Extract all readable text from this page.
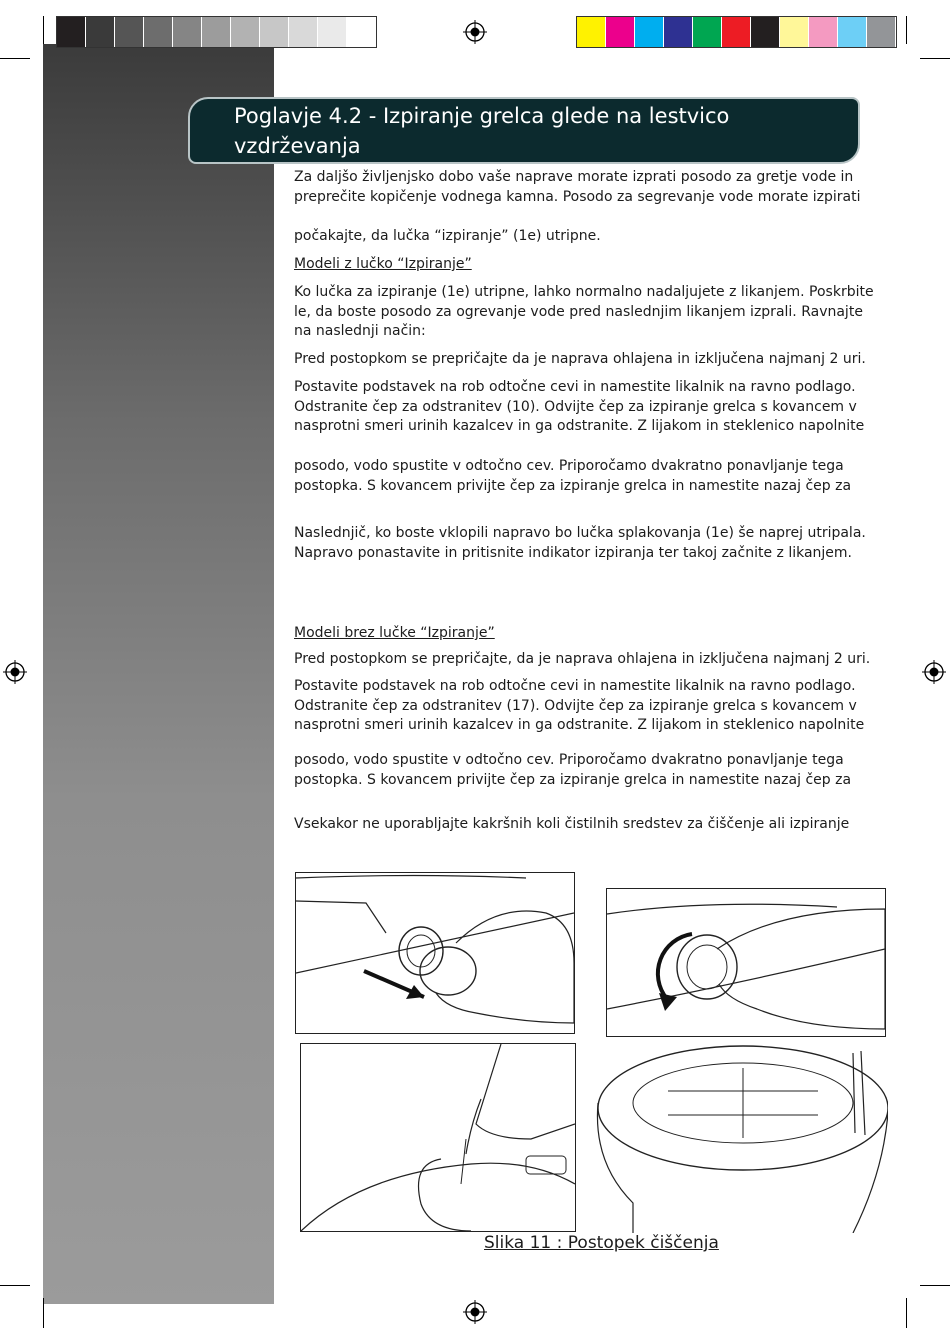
Poglavje 4.2 - Izpiranje grelca glede na lestvico vzdrževanja

Za daljšo življenjsko dobo vaše naprave morate izprati posodo za gretje vode in preprečite kopičenje vodnega kamna. Posodo za segrevanje vode morate izpirati

počakajte, da lučka “izpiranje” (1e) utripne.

Modeli z lučko “Izpiranje”

Ko lučka za izpiranje (1e) utripne, lahko normalno nadaljujete z likanjem. Poskrbite le, da boste posodo za ogrevanje vode pred naslednjim likanjem izprali. Ravnajte na naslednji način:

Pred postopkom se prepričajte da je naprava ohlajena in izključena najmanj 2 uri.

Postavite podstavek na rob odtočne cevi in namestite likalnik na ravno podlago. Odstranite čep za odstranitev (10). Odvijte čep za izpiranje grelca s kovancem v nasprotni smeri urinih kazalcev in ga odstranite. Z lijakom in steklenico napolnite

posodo, vodo spustite v odtočno cev. Priporočamo dvakratno ponavljanje tega postopka. S kovancem privijte čep za izpiranje grelca in namestite nazaj čep za

Naslednjič, ko boste vklopili napravo bo lučka splakovanja (1e) še naprej utripala. Napravo ponastavite in pritisnite indikator izpiranja ter takoj začnite z likanjem.

Modeli brez lučke “Izpiranje”

Pred postopkom se prepričajte, da je naprava ohlajena in izključena najmanj 2 uri.

Postavite podstavek na rob odtočne cevi in namestite likalnik na ravno podlago. Odstranite čep za odstranitev (17). Odvijte čep za izpiranje grelca s kovancem v nasprotni smeri urinih kazalcev in ga odstranite. Z lijakom in steklenico napolnite

posodo, vodo spustite v odtočno cev. Priporočamo dvakratno ponavljanje tega postopka. S kovancem privijte čep za izpiranje grelca in namestite nazaj čep za

Vsekakor ne uporabljajte kakršnih koli čistilnih sredstev za čiščenje ali izpiranje

Slika 11 : Postopek čiščenja
